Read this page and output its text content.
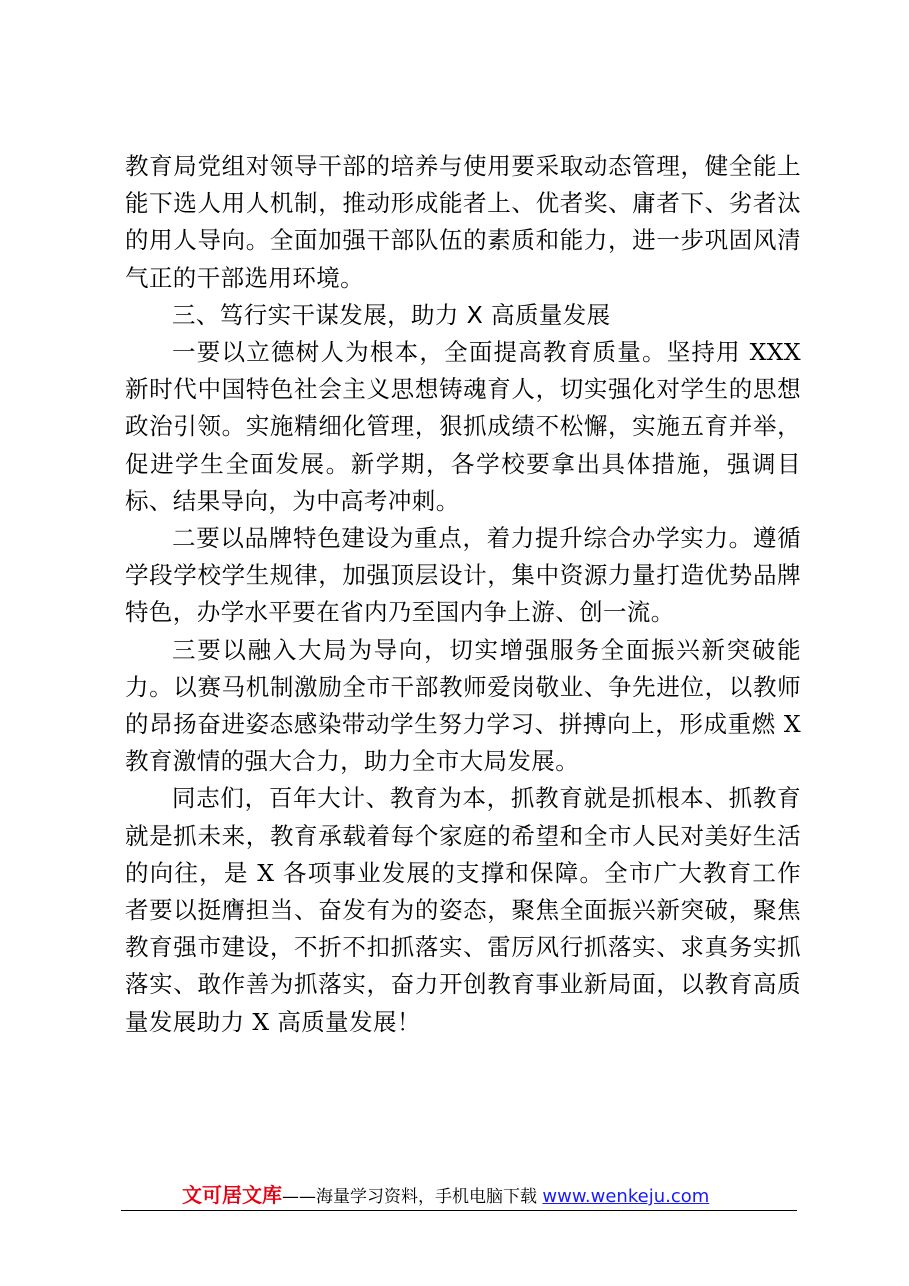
教育局党组对领导干部的培养与使用要采取动态管理，健全能上能下选人用人机制，推动形成能者上、优者奖、庸者下、劣者汰的用人导向。全面加强干部队伍的素质和能力，进一步巩固风清气正的干部选用环境。

三、笃行实干谋发展，助力 X 高质量发展

一要以立德树人为根本，全面提高教育质量。坚持用 XXX 新时代中国特色社会主义思想铸魂育人，切实强化对学生的思想政治引领。实施精细化管理，狠抓成绩不松懈，实施五育并举，促进学生全面发展。新学期，各学校要拿出具体措施，强调目标、结果导向，为中高考冲刺。

二要以品牌特色建设为重点，着力提升综合办学实力。遵循学段学校学生规律，加强顶层设计，集中资源力量打造优势品牌特色，办学水平要在省内乃至国内争上游、创一流。

三要以融入大局为导向，切实增强服务全面振兴新突破能力。以赛马机制激励全市干部教师爱岗敬业、争先进位，以教师的昂扬奋进姿态感染带动学生努力学习、拼搏向上，形成重燃 X 教育激情的强大合力，助力全市大局发展。

同志们，百年大计、教育为本，抓教育就是抓根本、抓教育就是抓未来，教育承载着每个家庭的希望和全市人民对美好生活的向往，是 X 各项事业发展的支撑和保障。全市广大教育工作者要以挺膺担当、奋发有为的姿态，聚焦全面振兴新突破，聚焦教育强市建设，不折不扣抓落实、雷厉风行抓落实、求真务实抓落实、敢作善为抓落实，奋力开创教育事业新局面，以教育高质量发展助力 X 高质量发展！

文可居文库——海量学习资料，手机电脑下载 www.wenkeju.com
